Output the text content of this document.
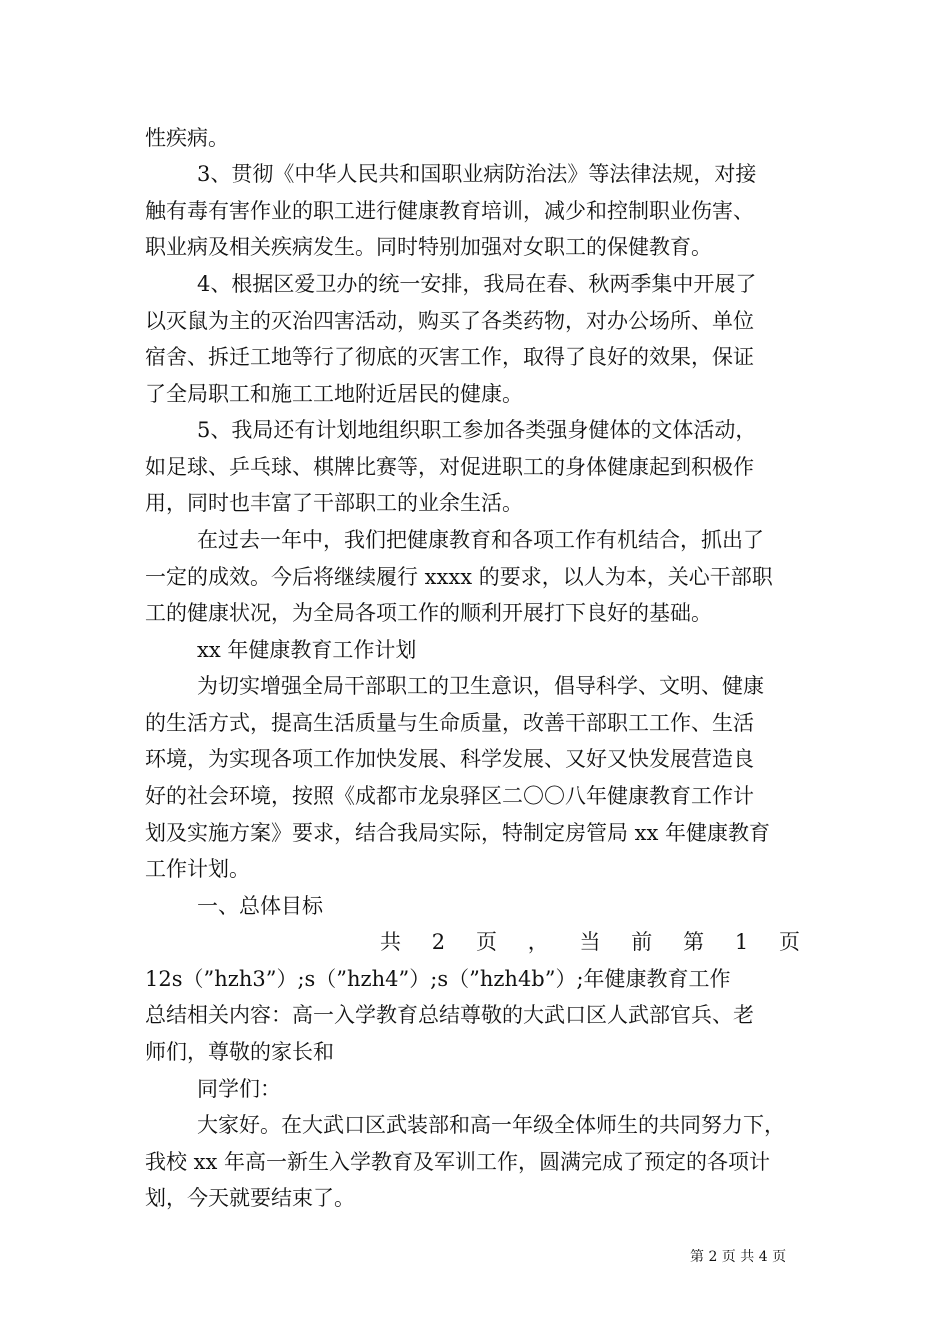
性疾病。
3、贯彻《中华人民共和国职业病防治法》等法律法规，对接
触有毒有害作业的职工进行健康教育培训，减少和控制职业伤害、
职业病及相关疾病发生。同时特别加强对女职工的保健教育。
4、根据区爱卫办的统一安排，我局在春、秋两季集中开展了
以灭鼠为主的灭治四害活动，购买了各类药物，对办公场所、单位
宿舍、拆迁工地等行了彻底的灭害工作，取得了良好的效果，保证
了全局职工和施工工地附近居民的健康。
5、我局还有计划地组织职工参加各类强身健体的文体活动，
如足球、乒乓球、棋牌比赛等，对促进职工的身体健康起到积极作
用，同时也丰富了干部职工的业余生活。
在过去一年中，我们把健康教育和各项工作有机结合，抓出了
一定的成效。今后将继续履行 xxxx 的要求，以人为本，关心干部职
工的健康状况，为全局各项工作的顺利开展打下良好的基础。
xx 年健康教育工作计划
为切实增强全局干部职工的卫生意识，倡导科学、文明、健康
的生活方式，提高生活质量与生命质量，改善干部职工工作、生活
环境，为实现各项工作加快发展、科学发展、又好又快发展营造良
好的社会环境，按照《成都市龙泉驿区二〇〇八年健康教育工作计
划及实施方案》要求，结合我局实际，特制定房管局 xx 年健康教育
工作计划。
一、总体目标
共 2 页 ， 当 前 第 1 页
12s（”hzh3”）;s（”hzh4”）;s（”hzh4b”）;年健康教育工作
总结相关内容：高一入学教育总结尊敬的大武口区人武部官兵、老
师们，尊敬的家长和
同学们：
大家好。在大武口区武装部和高一年级全体师生的共同努力下，
我校 xx 年高一新生入学教育及军训工作，圆满完成了预定的各项计
划，今天就要结束了。
第 2 页 共 4 页
